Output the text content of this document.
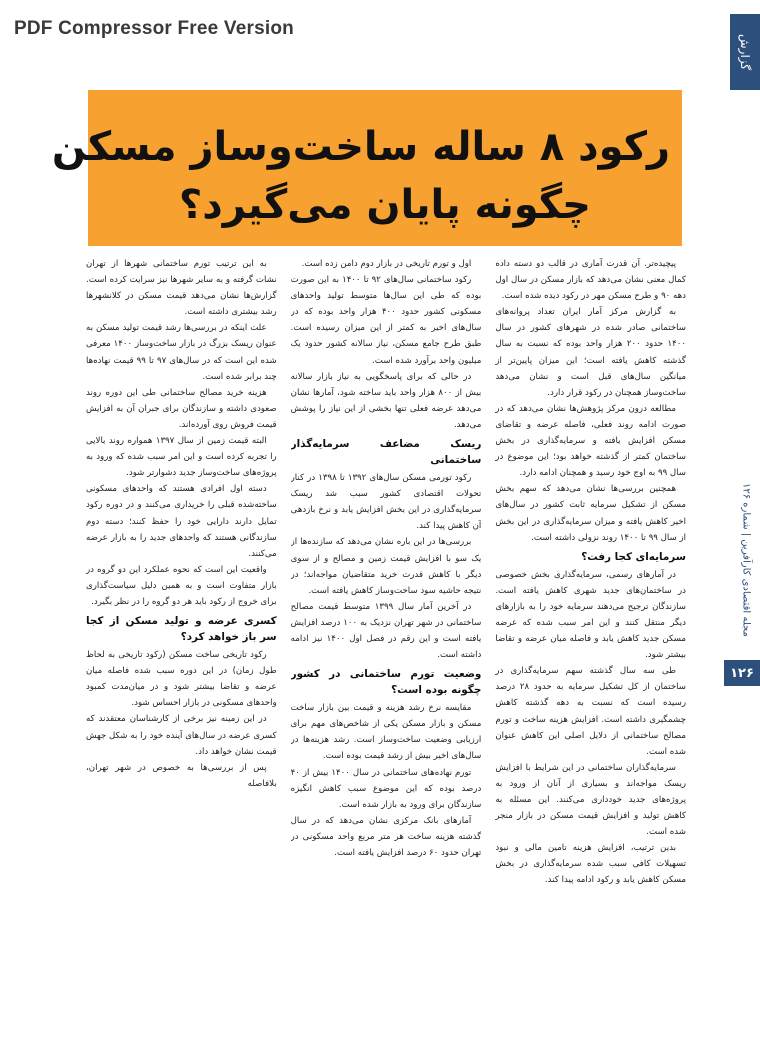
PDF Compressor Free Version
گزارش
مجله اقتصادی کارآفرین | شماره ۱۲۶
۱۲۶
رکود ۸ ساله ساخت‌وساز مسکن
چگونه پایان می‌گیرد؟

پیچیده‌تر. آن قدرت آماری در قالب دو دسته داده کمال معنی نشان می‌دهد که بازار مسکن در سال اول دهه ۹۰ و طرح مسکن مهر در رکود دیده شده است.

به گزارش مرکز آمار ایران تعداد پروانه‌های ساختمانی صادر شده در شهرهای کشور در سال ۱۴۰۰ حدود ۲۰۰ هزار واحد بوده که نسبت به سال گذشته کاهش یافته است؛ این میزان پایین‌تر از میانگین سال‌های قبل است و نشان می‌دهد ساخت‌وساز همچنان در رکود قرار دارد.

مطالعه درون مرکز پژوهش‌ها نشان می‌دهد که در صورت ادامه روند فعلی، فاصله عرضه و تقاضای مسکن افزایش یافته و سرمایه‌گذاری در بخش ساختمان کمتر از گذشته خواهد بود؛ این موضوع در سال ۹۹ به اوج خود رسید و همچنان ادامه دارد.

همچنین بررسی‌ها نشان می‌دهد که سهم بخش مسکن از تشکیل سرمایه ثابت کشور در سال‌های اخیر کاهش یافته و میزان سرمایه‌گذاری در این بخش از سال ۹۹ تا ۱۴۰۰ روند نزولی داشته است.

سرمایه‌ای کجا رفت؟

در آمارهای رسمی، سرمایه‌گذاری بخش خصوصی در ساختمان‌های جدید شهری کاهش یافته است. سازندگان ترجیح می‌دهند سرمایه خود را به بازارهای دیگر منتقل کنند و این امر سبب شده که عرضه مسکن جدید کاهش یابد و فاصله میان عرضه و تقاضا بیشتر شود.

طی سه سال گذشته سهم سرمایه‌گذاری در ساختمان از کل تشکیل سرمایه به حدود ۲۸ درصد رسیده است که نسبت به دهه گذشته کاهش چشمگیری داشته است. افزایش هزینه ساخت و تورم مصالح ساختمانی از دلایل اصلی این کاهش عنوان شده است.

سرمایه‌گذاران ساختمانی در این شرایط با افزایش ریسک مواجه‌اند و بسیاری از آنان از ورود به پروژه‌های جدید خودداری می‌کنند. این مسئله به کاهش تولید و افزایش قیمت مسکن در بازار منجر شده است.

بدین ترتیب، افزایش هزینه تامین مالی و نبود تسهیلات کافی سبب شده سرمایه‌گذاری در بخش مسکن کاهش یابد و رکود ادامه پیدا کند.

اول و تورم تاریخی در بازار دوم دامن زده است.

رکود ساختمانی سال‌های ۹۲ تا ۱۴۰۰ به این صورت بوده که طی این سال‌ها متوسط تولید واحدهای مسکونی کشور حدود ۴۰۰ هزار واحد بوده که در سال‌های اخیر به کمتر از این میزان رسیده است. طبق طرح جامع مسکن، نیاز سالانه کشور حدود یک میلیون واحد برآورد شده است.

در حالی که برای پاسخگویی به نیاز بازار سالانه بیش از ۸۰۰ هزار واحد باید ساخته شود، آمارها نشان می‌دهد عرضه فعلی تنها بخشی از این نیاز را پوشش می‌دهد.

ریسک مضاعف سرمایه‌گذار ساختمانی

رکود تورمی مسکن سال‌های ۱۳۹۲ تا ۱۳۹۸ در کنار تحولات اقتصادی کشور سبب شد ریسک سرمایه‌گذاری در این بخش افزایش یابد و نرخ بازدهی آن کاهش پیدا کند.

بررسی‌ها در این باره نشان می‌دهد که سازنده‌ها از یک سو با افزایش قیمت زمین و مصالح و از سوی دیگر با کاهش قدرت خرید متقاضیان مواجه‌اند؛ در نتیجه حاشیه سود ساخت‌وساز کاهش یافته است.

در آخرین آمار سال ۱۳۹۹ متوسط قیمت مصالح ساختمانی در شهر تهران نزدیک به ۱۰۰ درصد افزایش یافته است و این رقم در فصل اول ۱۴۰۰ نیز ادامه داشته است.

وضعیت تورم ساختمانی در کشور چگونه بوده است؟

مقایسه نرخ رشد هزینه و قیمت بین بازار ساخت مسکن و بازار مسکن یکی از شاخص‌های مهم برای ارزیابی وضعیت ساخت‌وساز است. رشد هزینه‌ها در سال‌های اخیر بیش از رشد قیمت بوده است.

تورم نهاده‌های ساختمانی در سال ۱۴۰۰ بیش از ۴۰ درصد بوده که این موضوع سبب کاهش انگیزه سازندگان برای ورود به بازار شده است.

آمارهای بانک مرکزی نشان می‌دهد که در سال گذشته هزینه ساخت هر متر مربع واحد مسکونی در تهران حدود ۶۰ درصد افزایش یافته است.

به این ترتیب تورم ساختمانی شهرها از تهران نشات گرفته و به سایر شهرها نیز سرایت کرده است. گزارش‌ها نشان می‌دهد قیمت مسکن در کلانشهرها رشد بیشتری داشته است.

علت اینکه در بررسی‌ها رشد قیمت تولید مسکن به عنوان ریسک بزرگ در بازار ساخت‌وساز ۱۴۰۰ معرفی شده این است که در سال‌های ۹۷ تا ۹۹ قیمت نهاده‌ها چند برابر شده است.

هزینه خرید مصالح ساختمانی طی این دوره روند صعودی داشته و سازندگان برای جبران آن به افزایش قیمت فروش روی آورده‌اند.

البته قیمت زمین از سال ۱۳۹۷ همواره روند بالایی را تجربه کرده است و این امر سبب شده که ورود به پروژه‌های ساخت‌وساز جدید دشوارتر شود.

دسته اول افرادی هستند که واحدهای مسکونی ساخته‌شده قبلی را خریداری می‌کنند و در دوره رکود تمایل دارند دارایی خود را حفظ کنند؛ دسته دوم سازندگانی هستند که واحدهای جدید را به بازار عرضه می‌کنند.

واقعیت این است که نحوه عملکرد این دو گروه در بازار متفاوت است و به همین دلیل سیاست‌گذاری برای خروج از رکود باید هر دو گروه را در نظر بگیرد.

کسری عرضه و تولید مسکن از کجا سر باز خواهد کرد؟

رکود تاریخی ساخت مسکن (رکود تاریخی به لحاظ طول زمان) در این دوره سبب شده فاصله میان عرضه و تقاضا بیشتر شود و در میان‌مدت کمبود واحدهای مسکونی در بازار احساس شود.

در این زمینه نیز برخی از کارشناسان معتقدند که کسری عرضه در سال‌های آینده خود را به شکل جهش قیمت نشان خواهد داد.

پس از بررسی‌ها به خصوص در شهر تهران، بلافاصله
